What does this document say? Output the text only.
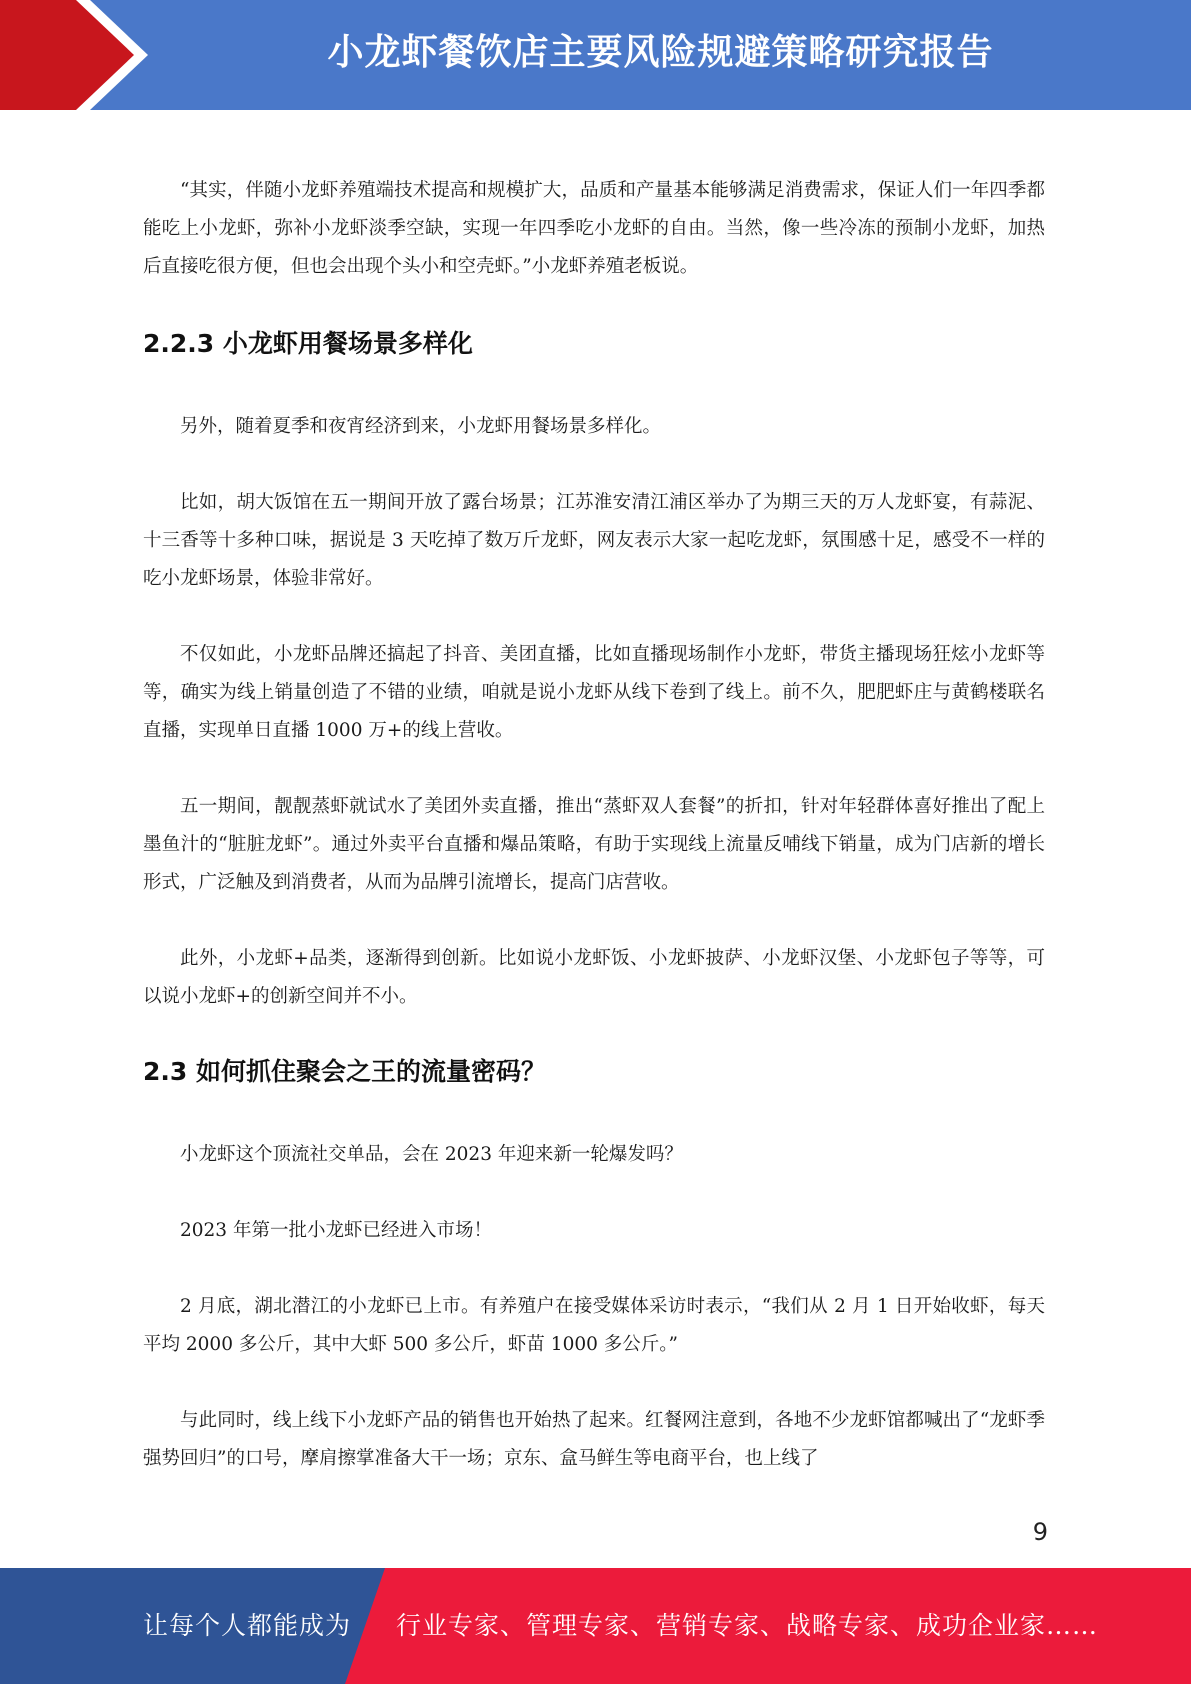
小龙虾餐饮店主要风险规避策略研究报告

“其实，伴随小龙虾养殖端技术提高和规模扩大，品质和产量基本能够满足消费需求，保证人们一年四季都能吃上小龙虾，弥补小龙虾淡季空缺，实现一年四季吃小龙虾的自由。当然，像一些冷冻的预制小龙虾，加热后直接吃很方便，但也会出现个头小和空壳虾。”小龙虾养殖老板说。

2.2.3 小龙虾用餐场景多样化

另外，随着夏季和夜宵经济到来，小龙虾用餐场景多样化。

比如，胡大饭馆在五一期间开放了露台场景；江苏淮安清江浦区举办了为期三天的万人龙虾宴，有蒜泥、十三香等十多种口味，据说是 3 天吃掉了数万斤龙虾，网友表示大家一起吃龙虾，氛围感十足，感受不一样的吃小龙虾场景，体验非常好。

不仅如此，小龙虾品牌还搞起了抖音、美团直播，比如直播现场制作小龙虾，带货主播现场狂炫小龙虾等等，确实为线上销量创造了不错的业绩，咱就是说小龙虾从线下卷到了线上。前不久，肥肥虾庄与黄鹤楼联名直播，实现单日直播 1000 万+的线上营收。

五一期间，靓靓蒸虾就试水了美团外卖直播，推出“蒸虾双人套餐”的折扣，针对年轻群体喜好推出了配上墨鱼汁的“脏脏龙虾”。通过外卖平台直播和爆品策略，有助于实现线上流量反哺线下销量，成为门店新的增长形式，广泛触及到消费者，从而为品牌引流增长，提高门店营收。

此外，小龙虾+品类，逐渐得到创新。比如说小龙虾饭、小龙虾披萨、小龙虾汉堡、小龙虾包子等等，可以说小龙虾+的创新空间并不小。

2.3 如何抓住聚会之王的流量密码？

小龙虾这个顶流社交单品，会在 2023 年迎来新一轮爆发吗？

2023 年第一批小龙虾已经进入市场！

2 月底，湖北潜江的小龙虾已上市。有养殖户在接受媒体采访时表示，“我们从 2 月 1 日开始收虾，每天平均 2000 多公斤，其中大虾 500 多公斤，虾苗 1000 多公斤。”

与此同时，线上线下小龙虾产品的销售也开始热了起来。红餐网注意到，各地不少龙虾馆都喊出了“龙虾季强势回归”的口号，摩肩擦掌准备大干一场；京东、盒马鲜生等电商平台，也上线了

9
让每个人都能成为 行业专家、管理专家、营销专家、战略专家、成功企业家……
